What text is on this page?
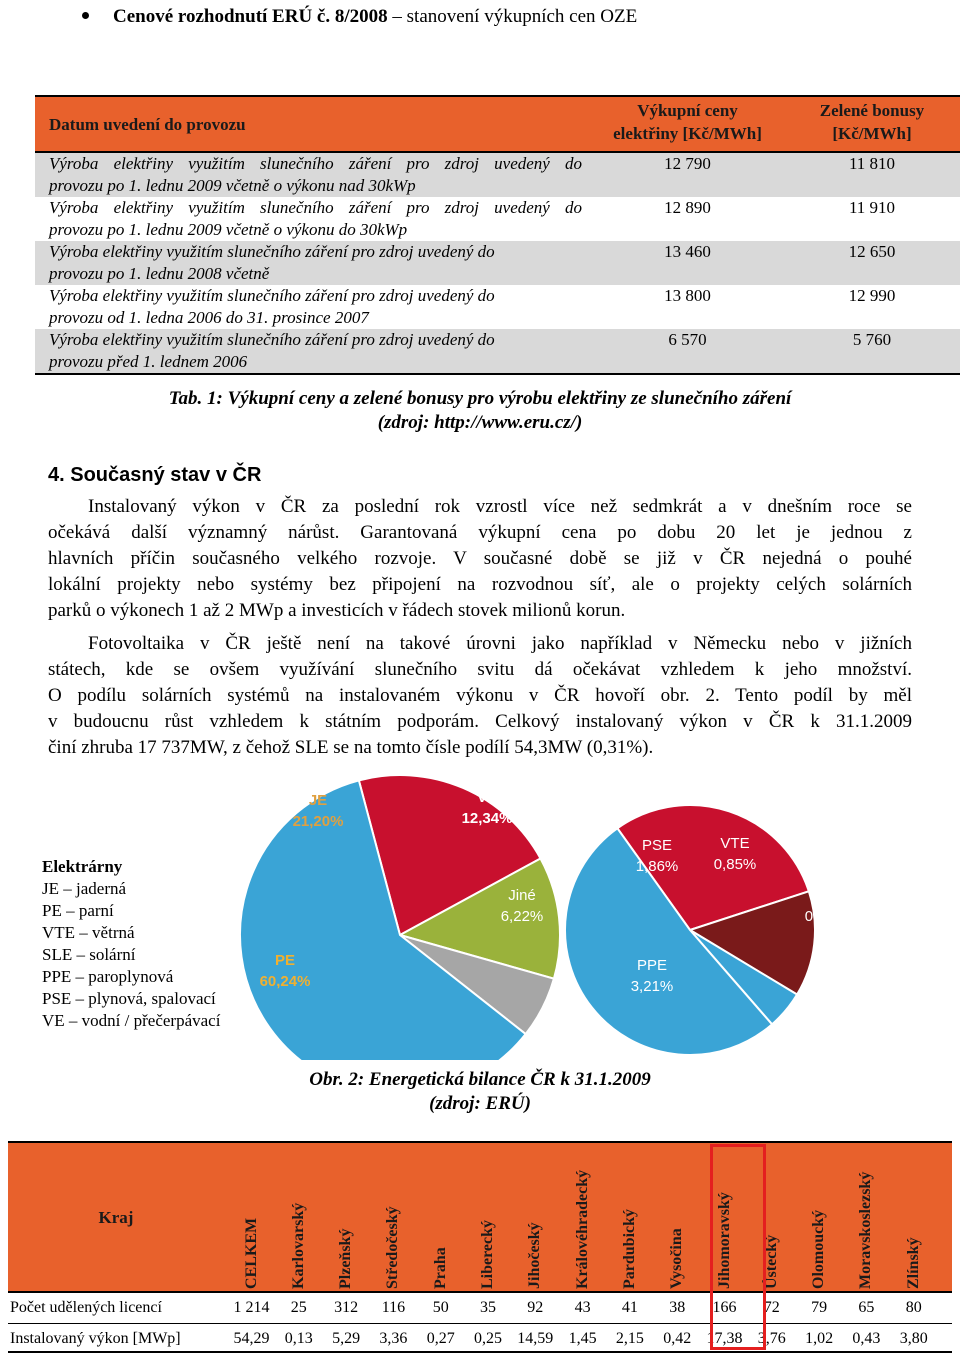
Cenové rozhodnutí ERÚ č. 8/2008 – stanovení výkupních cen OZE
Datum uvedení do provozu
Výkupní ceny
elektřiny [Kč/MWh]
Zelené bonusy
[Kč/MWh]
Výroba elektřiny využitím slunečního záření pro zdroj uvedený do
provozu po 1. lednu 2009 včetně o výkonu nad 30kWp
12 790	11 810
Výroba elektřiny využitím slunečního záření pro zdroj uvedený do
provozu po 1. lednu 2009 včetně o výkonu do 30kWp
12 890	11 910
Výroba elektřiny využitím slunečního záření pro zdroj uvedený do
provozu po 1. lednu 2008 včetně
13 460	12 650
Výroba elektřiny využitím slunečního záření pro zdroj uvedený do
provozu od 1. ledna 2006 do 31. prosince 2007
13 800	12 990
Výroba elektřiny využitím slunečního záření pro zdroj uvedený do
provozu před 1. lednem 2006
6 570	5 760
Tab. 1: Výkupní ceny a zelené bonusy pro výrobu elektřiny ze slunečního záření
(zdroj: http://www.eru.cz/)
4. Současný stav v ČR
Instalovaný výkon v ČR za poslední rok vzrostl více než sedmkrát a v dnešním roce se
očekává další významný nárůst. Garantovaná výkupní cena po dobu 20 let je jednou z
hlavních příčin současného velkého rozvoje. V současné době se již v ČR nejedná o pouhé
lokální projekty nebo systémy bez připojení na rozvodnou síť, ale o projekty celých solárních
parků o výkonech 1 až 2 MWp a investicích v řádech stovek milionů korun.
Fotovoltaika v ČR ještě není na takové úrovni jako například v Německu nebo v jižních
státech, kde se ovšem využívání slunečního svitu dá očekávat vzhledem k jeho množství.
O podílu solárních systémů na instalovaném výkonu v ČR hovoří obr. 2. Tento podíl by měl
v budoucnu růst vzhledem k státním podporám. Celkový instalovaný výkon v ČR k 31.1.2009
činí zhruba 17 737MW, z čehož SLE se na tomto čísle podílí 54,3MW (0,31%).
JE
21,20%
VE
12,34%
Jiné
6,22%
PE
60,24%
PSE
1,86%
VTE
0,85%
SLE
0,31%
PPE
3,21%
Elektrárny
JE – jaderná
PE – parní
VTE – větrná
SLE – solární
PPE – paroplynová
PSE – plynová, spalovací
VE – vodní / přečerpávací
Obr. 2: Energetická bilance ČR k 31.1.2009
(zdroj: ERÚ)
Kraj
CELKEM Karlovarský Plzeňský Středočeský Praha Liberecký Jihočeský Královéhradecký Pardubický Vysočina Jihomoravský Ústecký Olomoucký Moravskoslezský Zlínský
Počet udělených licencí	1 214	25	312	116	50	35	92	43	41	38	166	72	79	65	80
Instalovaný výkon [MWp]	54,29 0,13	5,29	3,36	0,27	0,25 14,59 1,45	2,15	0,42 17,38 3,76	1,02	0,43	3,80
